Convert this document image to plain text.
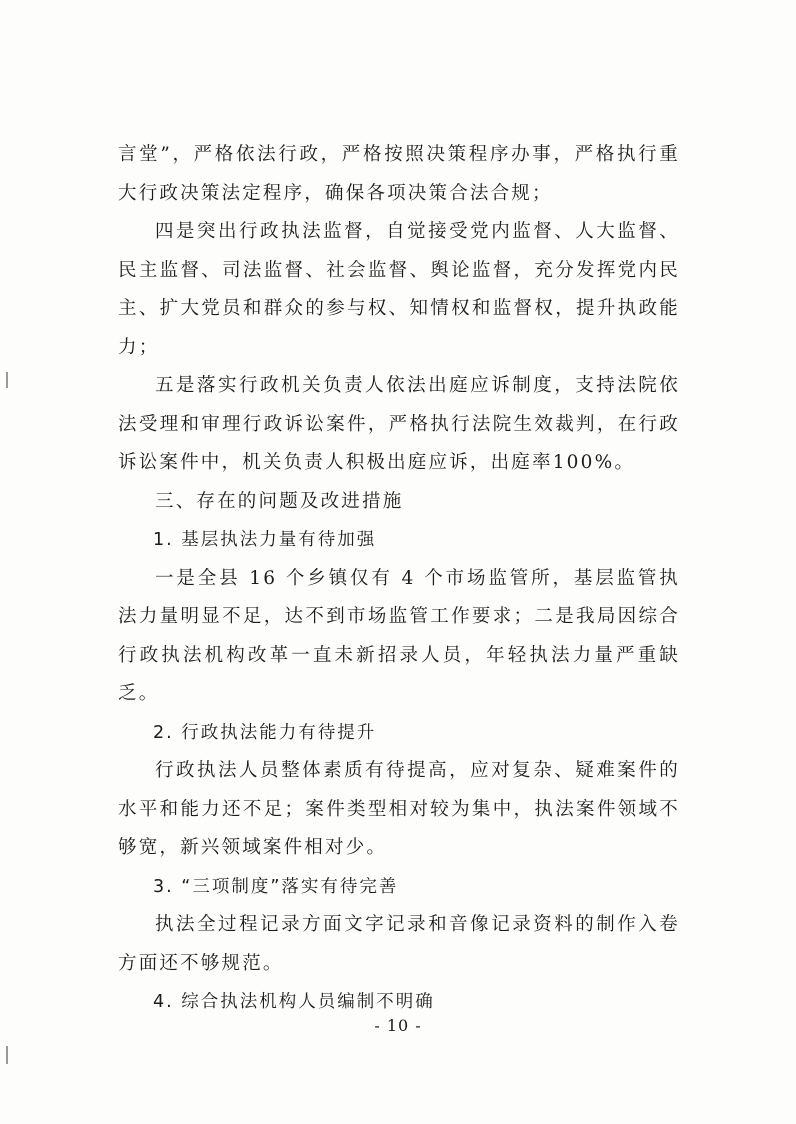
言堂”，严格依法行政，严格按照决策程序办事，严格执行重大行政决策法定程序，确保各项决策合法合规；

四是突出行政执法监督，自觉接受党内监督、人大监督、民主监督、司法监督、社会监督、舆论监督，充分发挥党内民主、扩大党员和群众的参与权、知情权和监督权，提升执政能力；

五是落实行政机关负责人依法出庭应诉制度，支持法院依法受理和审理行政诉讼案件，严格执行法院生效裁判，在行政诉讼案件中，机关负责人积极出庭应诉，出庭率100%。

三、存在的问题及改进措施

1. 基层执法力量有待加强

一是全县 16 个乡镇仅有 4 个市场监管所，基层监管执法力量明显不足，达不到市场监管工作要求；二是我局因综合行政执法机构改革一直未新招录人员，年轻执法力量严重缺乏。

2. 行政执法能力有待提升

行政执法人员整体素质有待提高，应对复杂、疑难案件的水平和能力还不足；案件类型相对较为集中，执法案件领域不够宽，新兴领域案件相对少。

3. “三项制度”落实有待完善

执法全过程记录方面文字记录和音像记录资料的制作入卷方面还不够规范。

4. 综合执法机构人员编制不明确

- 10 -
